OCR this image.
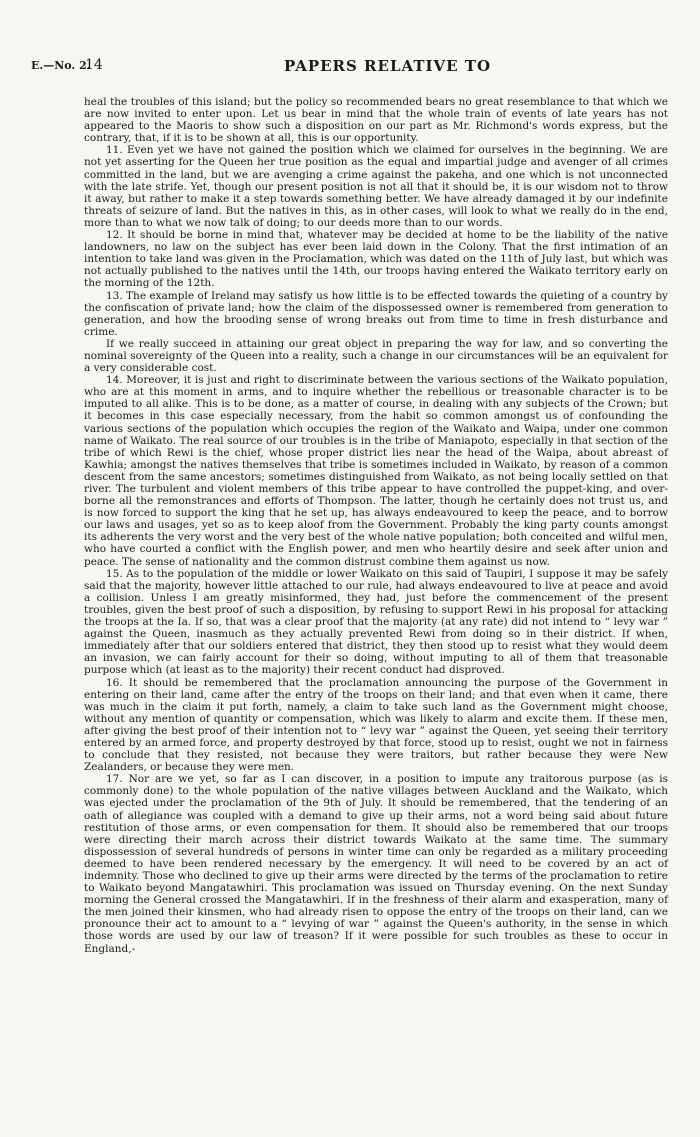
E.—No. 2.
14	PAPERS RELATIVE TO

heal the troubles of this island; but the policy so recommended bears no great resemblance to that which we are now invited to enter upon. Let us bear in mind that the whole train of events of late years has not appeared to the Maoris to show such a disposition on our part as Mr. Richmond's words express, but the contrary, that, if it is to be shown at all, this is our opportunity.

11. Even yet we have not gained the position which we claimed for ourselves in the beginning. We are not yet asserting for the Queen her true position as the equal and impartial judge and avenger of all crimes committed in the land, but we are avenging a crime against the pakeha, and one which is not unconnected with the late strife. Yet, though our present position is not all that it should be, it is our wisdom not to throw it away, but rather to make it a step towards something better. We have already damaged it by our indefinite threats of seizure of land. But the natives in this, as in other cases, will look to what we really do in the end, more than to what we now talk of doing; to our deeds more than to our words.

12. It should be borne in mind that, whatever may be decided at home to be the liability of the native landowners, no law on the subject has ever been laid down in the Colony. That the first intimation of an intention to take land was given in the Proclamation, which was dated on the 11th of July last, but which was not actually published to the natives until the 14th, our troops having entered the Waikato territory early on the morning of the 12th.

13. The example of Ireland may satisfy us how little is to be effected towards the quieting of a country by the confiscation of private land; how the claim of the dispossessed owner is remembered from generation to generation, and how the brooding sense of wrong breaks out from time to time in fresh disturbance and crime.

If we really succeed in attaining our great object in preparing the way for law, and so converting the nominal sovereignty of the Queen into a reality, such a change in our circumstances will be an equivalent for a very considerable cost.

14. Moreover, it is just and right to discriminate between the various sections of the Waikato population, who are at this moment in arms, and to inquire whether the rebellious or treasonable character is to be imputed to all alike. This is to be done, as a matter of course, in dealing with any subjects of the Crown; but it becomes in this case especially necessary, from the habit so common amongst us of confounding the various sections of the population which occupies the region of the Waikato and Waipa, under one common name of Waikato. The real source of our troubles is in the tribe of Maniapoto, especially in that section of the tribe of which Rewi is the chief, whose proper district lies near the head of the Waipa, about abreast of Kawhia; amongst the natives themselves that tribe is sometimes included in Waikato, by reason of a common descent from the same ancestors; sometimes distinguished from Waikato, as not being locally settled on that river. The turbulent and violent members of this tribe appear to have controlled the puppet-king, and over-borne all the remonstrances and efforts of Thompson. The latter, though he certainly does not trust us, and is now forced to support the king that he set up, has always endeavoured to keep the peace, and to borrow our laws and usages, yet so as to keep aloof from the Government. Probably the king party counts amongst its adherents the very worst and the very best of the whole native population; both conceited and wilful men, who have courted a conflict with the English power, and men who heartily desire and seek after union and peace. The sense of nationality and the common distrust combine them against us now.

15. As to the population of the middle or lower Waikato on this said of Taupiri, I suppose it may be safely said that the majority, however little attached to our rule, had always endeavoured to live at peace and avoid a collision. Unless I am greatly misinformed, they had, just before the commencement of the present troubles, given the best proof of such a disposition, by refusing to support Rewi in his proposal for attacking the troops at the Ia. If so, that was a clear proof that the majority (at any rate) did not intend to “ levy war ” against the Queen, inasmuch as they actually prevented Rewi from doing so in their district. If when, immediately after that our soldiers entered that district, they then stood up to resist what they would deem an invasion, we can fairly account for their so doing, without imputing to all of them that treasonable purpose which (at least as to the majority) their recent conduct had disproved.

16. It should be remembered that the proclamation announcing the purpose of the Government in entering on their land, came after the entry of the troops on their land; and that even when it came, there was much in the claim it put forth, namely, a claim to take such land as the Government might choose, without any mention of quantity or compensation, which was likely to alarm and excite them. If these men, after giving the best proof of their intention not to “ levy war ” against the Queen, yet seeing their territory entered by an armed force, and property destroyed by that force, stood up to resist, ought we not in fairness to conclude that they resisted, not because they were traitors, but rather because they were New Zealanders, or because they were men.

17. Nor are we yet, so far as I can discover, in a position to impute any traitorous purpose (as is commonly done) to the whole population of the native villages between Auckland and the Waikato, which was ejected under the proclamation of the 9th of July. It should be remembered, that the tendering of an oath of allegiance was coupled with a demand to give up their arms, not a word being said about future restitution of those arms, or even compensation for them. It should also be remembered that our troops were directing their march across their district towards Waikato at the same time. The summary dispossession of several hundreds of persons in winter time can only be regarded as a military proceeding deemed to have been rendered necessary by the emergency. It will need to be covered by an act of indemnity. Those who declined to give up their arms were directed by the terms of the proclamation to retire to Waikato beyond Mangatawhiri. This proclamation was issued on Thursday evening. On the next Sunday morning the General crossed the Mangatawhiri. If in the freshness of their alarm and exasperation, many of the men joined their kinsmen, who had already risen to oppose the entry of the troops on their land, can we pronounce their act to amount to a “ levying of war ” against the Queen's authority, in the sense in which those words are used by our law of treason? If it were possible for such troubles as these to occur in England,-
